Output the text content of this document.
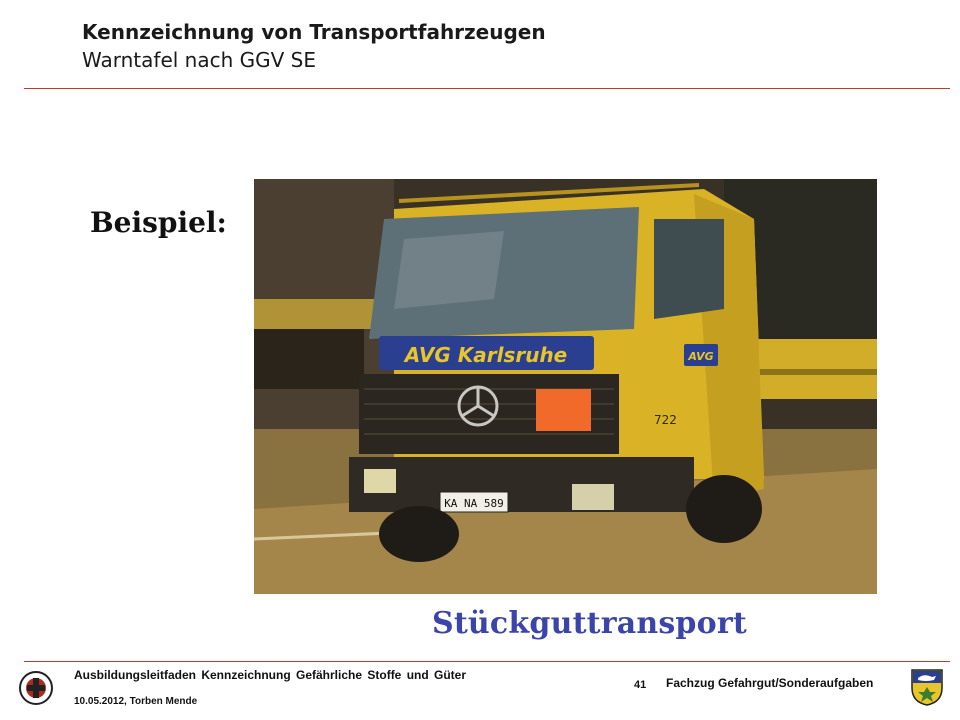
Kennzeichnung von Transportfahrzeugen
Warntafel nach GGV SE
Beispiel:
AVG Karlsruhe	AVG
722
KA NA 589
Stückguttransport
Ausbildungsleitfaden Kennzeichnung Gefährliche Stoffe und Güter
10.05.2012, Torben Mende
41 Fachzug Gefahrgut/Sonderaufgaben
